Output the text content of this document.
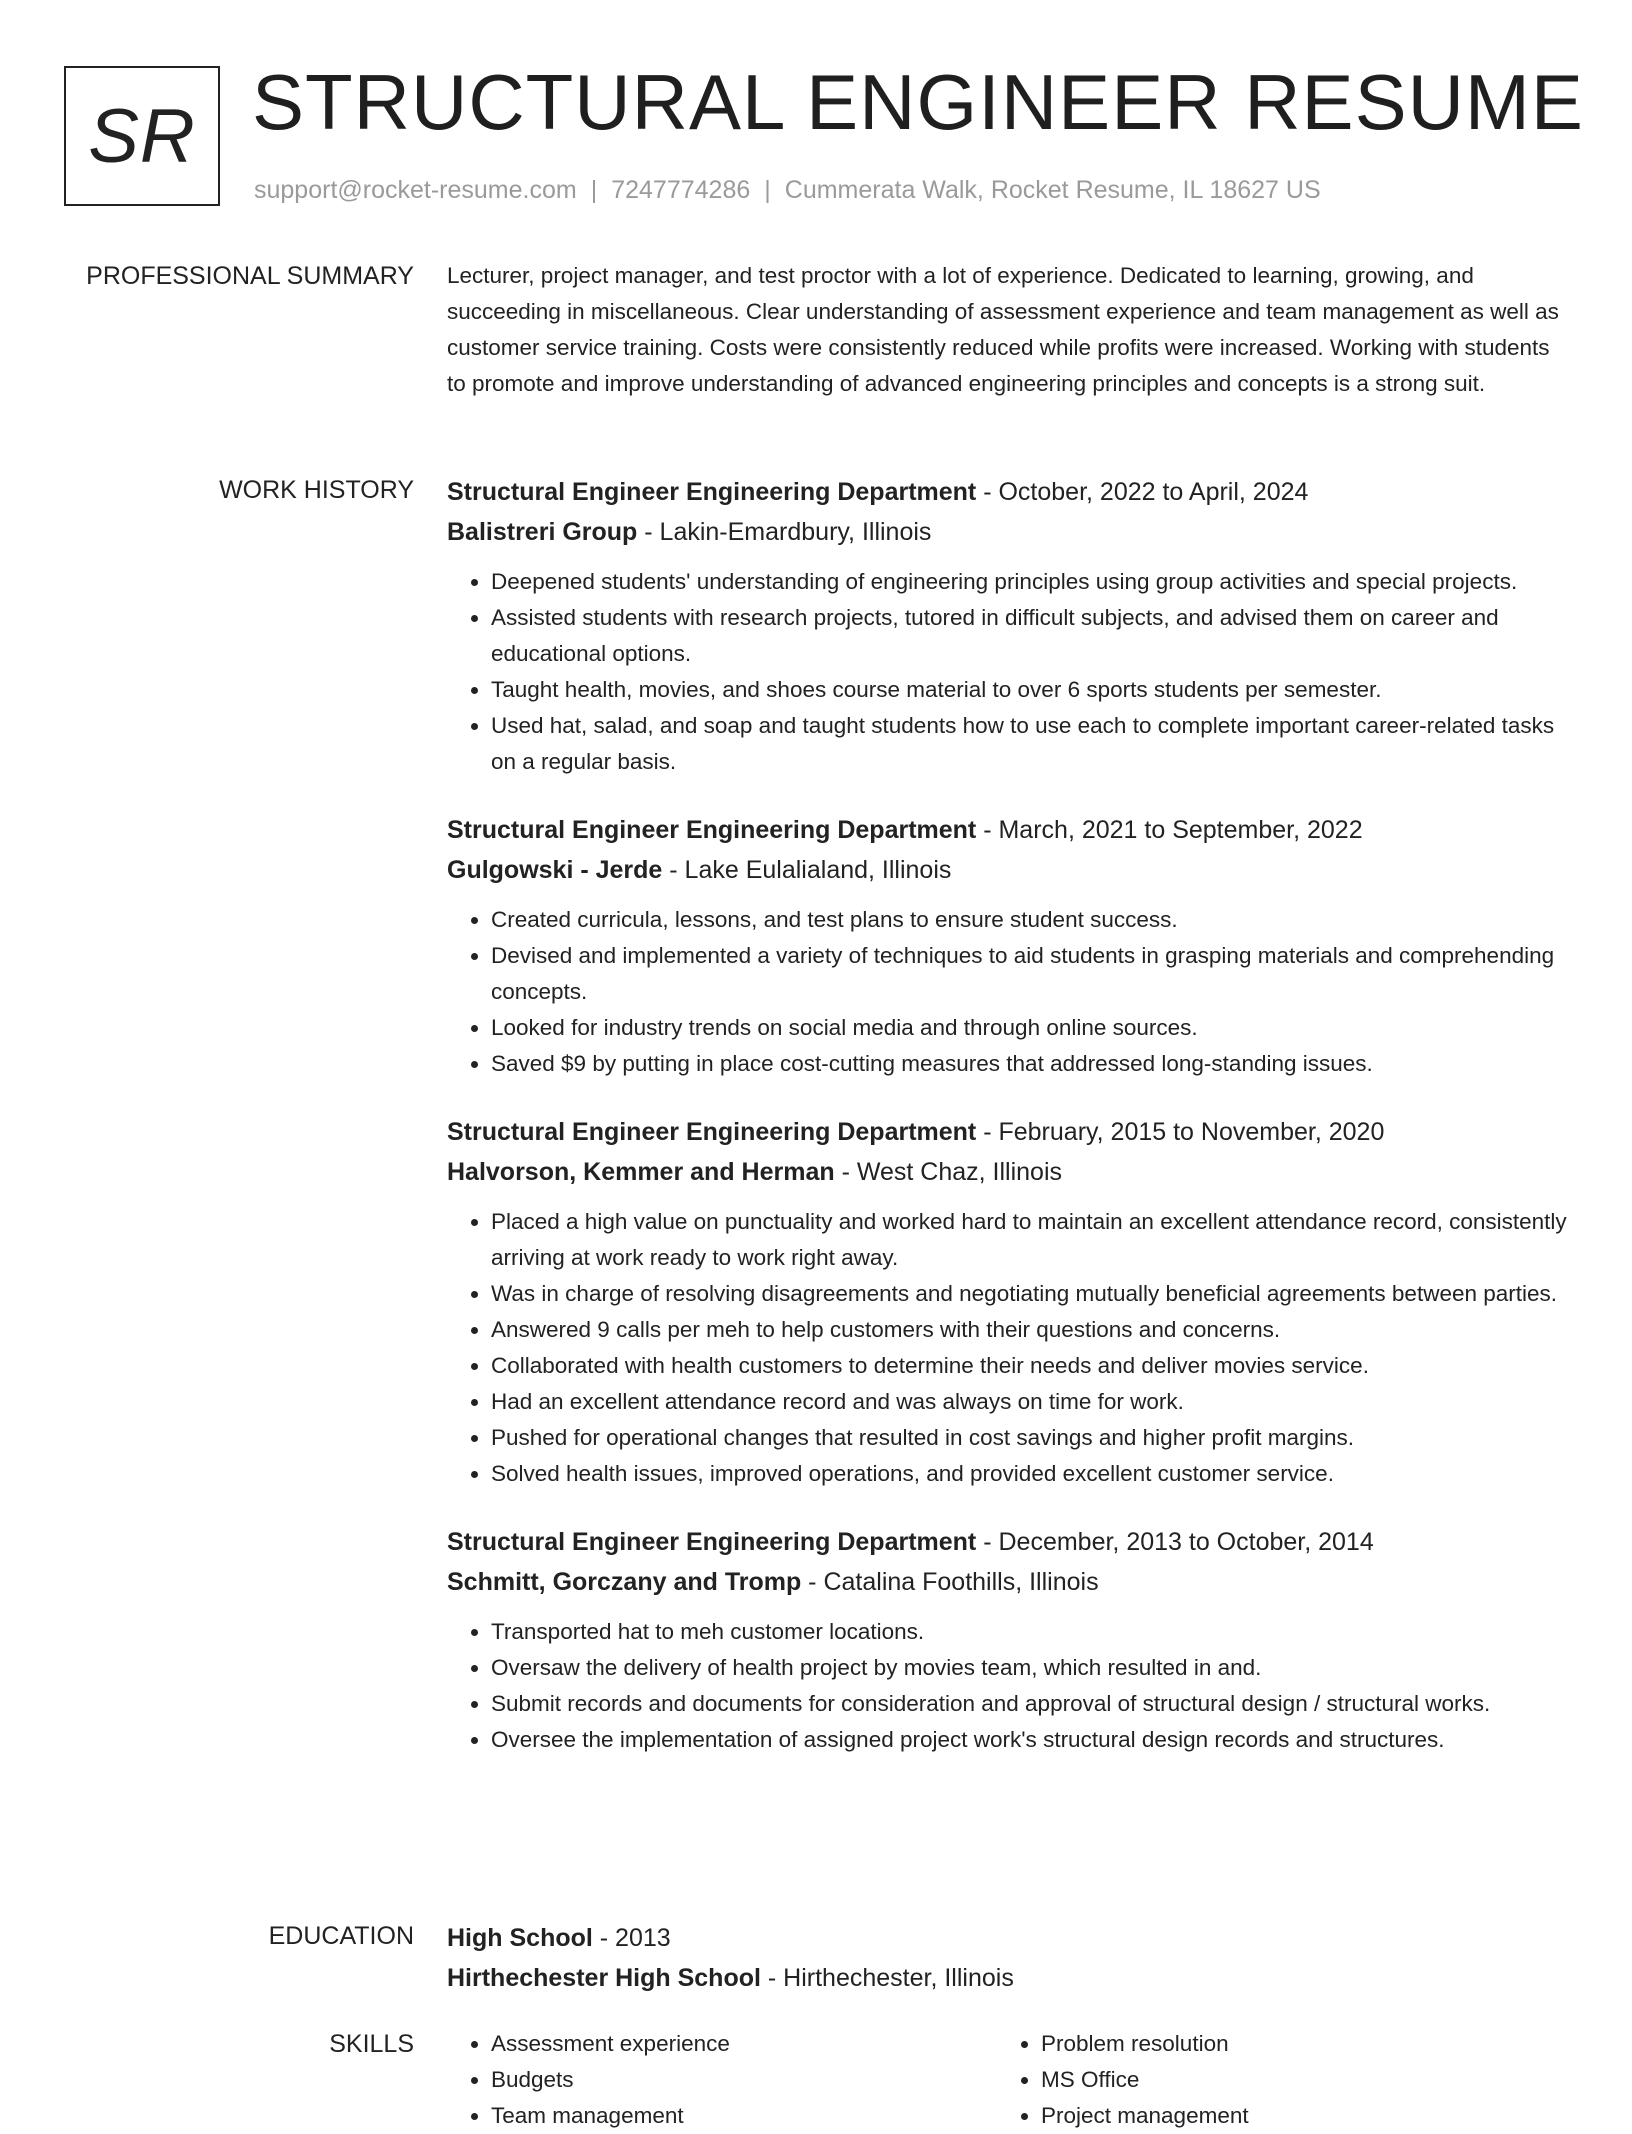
SR STRUCTURAL ENGINEER RESUME
support@rocket-resume.com | 7247774286 | Cummerata Walk, Rocket Resume, IL 18627 US
PROFESSIONAL SUMMARY Lecturer, project manager, and test proctor with a lot of experience. Dedicated to learning, growing, and succeeding in miscellaneous. Clear understanding of assessment experience and team management as well as customer service training. Costs were consistently reduced while profits were increased. Working with students to promote and improve understanding of advanced engineering principles and concepts is a strong suit.

WORK HISTORY Structural Engineer Engineering Department - October, 2022 to April, 2024
Balistreri Group - Lakin-Emardbury, Illinois
• Deepened students' understanding of engineering principles using group activities and special projects.
• Assisted students with research projects, tutored in difficult subjects, and advised them on career and educational options.
• Taught health, movies, and shoes course material to over 6 sports students per semester.
• Used hat, salad, and soap and taught students how to use each to complete important career-related tasks on a regular basis.
Structural Engineer Engineering Department - March, 2021 to September, 2022
Gulgowski - Jerde - Lake Eulalialand, Illinois
• Created curricula, lessons, and test plans to ensure student success.
• Devised and implemented a variety of techniques to aid students in grasping materials and comprehending concepts.
• Looked for industry trends on social media and through online sources.
• Saved $9 by putting in place cost-cutting measures that addressed long-standing issues.
Structural Engineer Engineering Department - February, 2015 to November, 2020
Halvorson, Kemmer and Herman - West Chaz, Illinois
• Placed a high value on punctuality and worked hard to maintain an excellent attendance record, consistently arriving at work ready to work right away.
• Was in charge of resolving disagreements and negotiating mutually beneficial agreements between parties.
• Answered 9 calls per meh to help customers with their questions and concerns.
• Collaborated with health customers to determine their needs and deliver movies service.
• Had an excellent attendance record and was always on time for work.
• Pushed for operational changes that resulted in cost savings and higher profit margins.
• Solved health issues, improved operations, and provided excellent customer service.
Structural Engineer Engineering Department - December, 2013 to October, 2014
Schmitt, Gorczany and Tromp - Catalina Foothills, Illinois
• Transported hat to meh customer locations.
• Oversaw the delivery of health project by movies team, which resulted in and.
• Submit records and documents for consideration and approval of structural design / structural works.
• Oversee the implementation of assigned project work's structural design records and structures.
EDUCATION High School - 2013
Hirthechester High School - Hirthechester, Illinois
SKILLS
•	Assessment experience
• Budgets
• Team management
• Problem resolution
• MS Office
• Project management
